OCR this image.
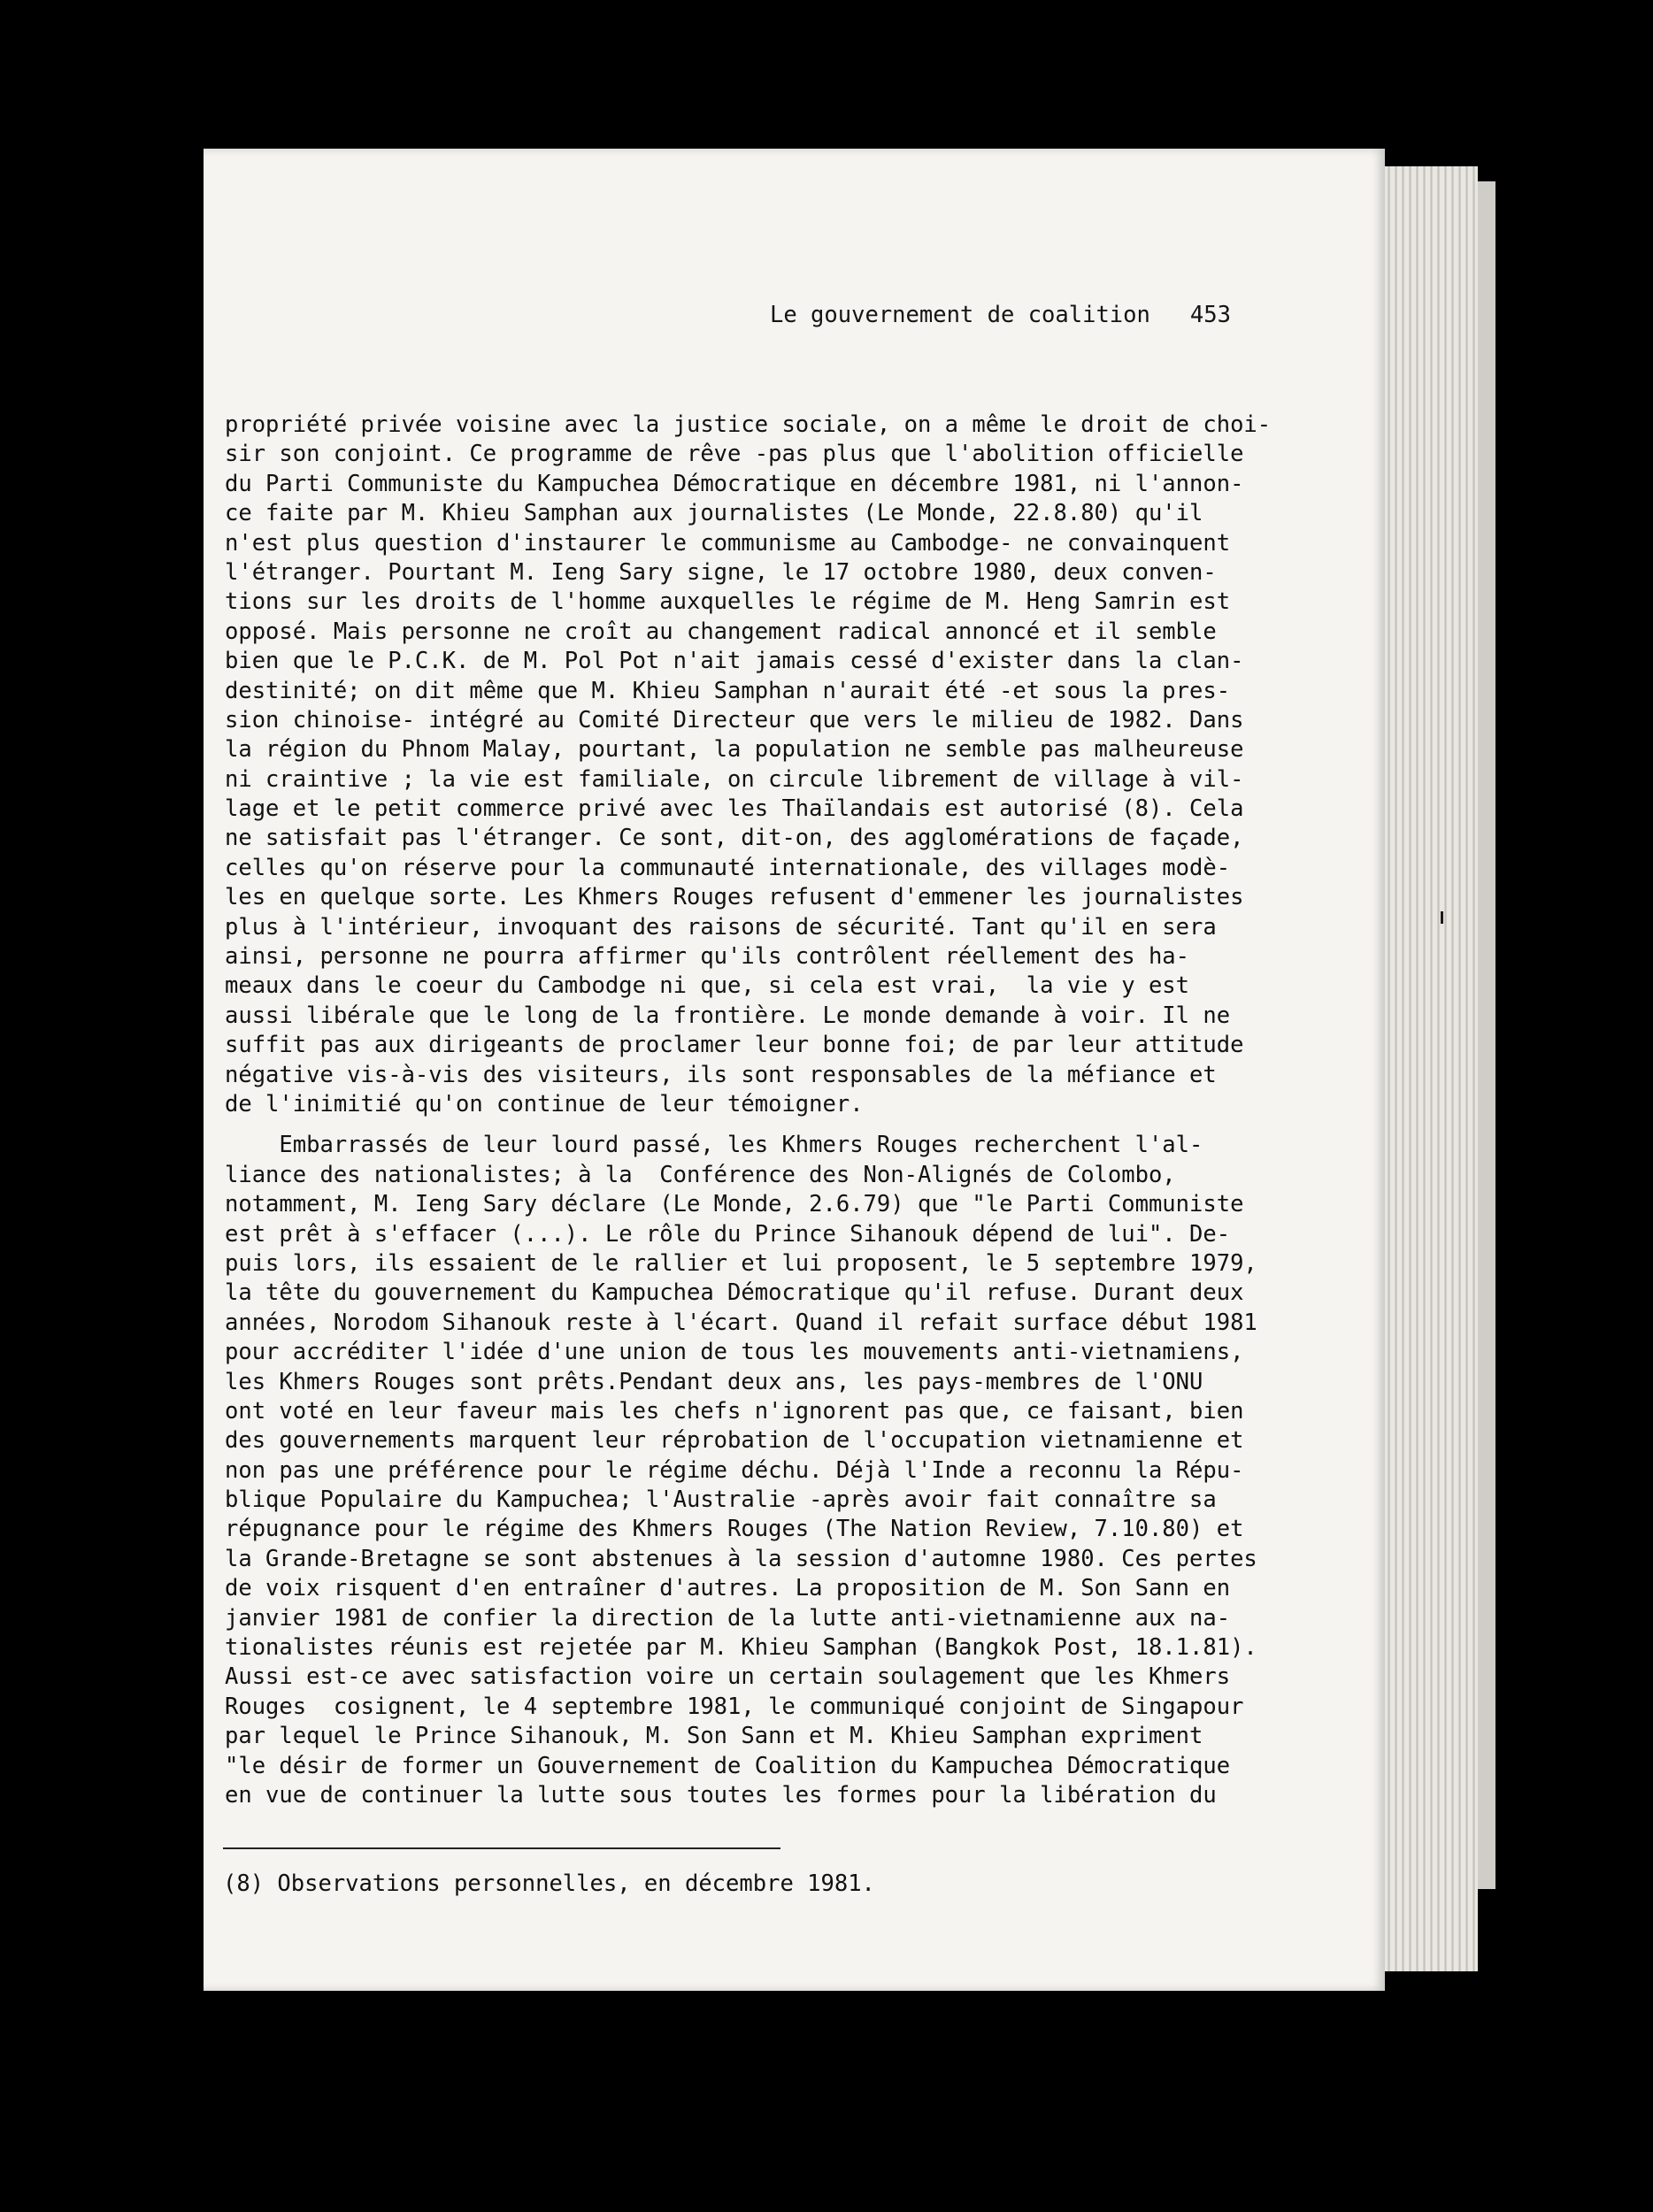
Le gouvernement de coalition 453
propriété privée voisine avec la justice sociale, on a même le droit de choi-
sir son conjoint. Ce programme de rêve -pas plus que l'abolition officielle
du Parti Communiste du Kampuchea Démocratique en décembre 1981, ni l'annon-
ce faite par M. Khieu Samphan aux journalistes (Le Monde, 22.8.80) qu'il
n'est plus question d'instaurer le communisme au Cambodge- ne convainquent
l'étranger. Pourtant M. Ieng Sary signe, le 17 octobre 1980, deux conven-
tions sur les droits de l'homme auxquelles le régime de M. Heng Samrin est
opposé. Mais personne ne croît au changement radical annoncé et il semble
bien que le P.C.K. de M. Pol Pot n'ait jamais cessé d'exister dans la clan-
destinité; on dit même que M. Khieu Samphan n'aurait été -et sous la pres-
sion chinoise- intégré au Comité Directeur que vers le milieu de 1982. Dans
la région du Phnom Malay, pourtant, la population ne semble pas malheureuse
ni craintive ; la vie est familiale, on circule librement de village à vil-
lage et le petit commerce privé avec les Thaïlandais est autorisé (8). Cela
ne satisfait pas l'étranger. Ce sont, dit-on, des agglomérations de façade,
celles qu'on réserve pour la communauté internationale, des villages modè-
les en quelque sorte. Les Khmers Rouges refusent d'emmener les journalistes
plus à l'intérieur, invoquant des raisons de sécurité. Tant qu'il en sera
ainsi, personne ne pourra affirmer qu'ils contrôlent réellement des ha-
meaux dans le coeur du Cambodge ni que, si cela est vrai,  la vie y est
aussi libérale que le long de la frontière. Le monde demande à voir. Il ne
suffit pas aux dirigeants de proclamer leur bonne foi; de par leur attitude
négative vis-à-vis des visiteurs, ils sont responsables de la méfiance et
de l'inimitié qu'on continue de leur témoigner.
Embarrassés de leur lourd passé, les Khmers Rouges recherchent l'al-
liance des nationalistes; à la  Conférence des Non-Alignés de Colombo,
notamment, M. Ieng Sary déclare (Le Monde, 2.6.79) que "le Parti Communiste
est prêt à s'effacer (...). Le rôle du Prince Sihanouk dépend de lui". De-
puis lors, ils essaient de le rallier et lui proposent, le 5 septembre 1979,
la tête du gouvernement du Kampuchea Démocratique qu'il refuse. Durant deux
années, Norodom Sihanouk reste à l'écart. Quand il refait surface début 1981
pour accréditer l'idée d'une union de tous les mouvements anti-vietnamiens,
les Khmers Rouges sont prêts.Pendant deux ans, les pays-membres de l'ONU
ont voté en leur faveur mais les chefs n'ignorent pas que, ce faisant, bien
des gouvernements marquent leur réprobation de l'occupation vietnamienne et
non pas une préférence pour le régime déchu. Déjà l'Inde a reconnu la Répu-
blique Populaire du Kampuchea; l'Australie -après avoir fait connaître sa
répugnance pour le régime des Khmers Rouges (The Nation Review, 7.10.80) et
la Grande-Bretagne se sont abstenues à la session d'automne 1980. Ces pertes
de voix risquent d'en entraîner d'autres. La proposition de M. Son Sann en
janvier 1981 de confier la direction de la lutte anti-vietnamienne aux na-
tionalistes réunis est rejetée par M. Khieu Samphan (Bangkok Post, 18.1.81).
Aussi est-ce avec satisfaction voire un certain soulagement que les Khmers
Rouges  cosignent, le 4 septembre 1981, le communiqué conjoint de Singapour
par lequel le Prince Sihanouk, M. Son Sann et M. Khieu Samphan expriment
"le désir de former un Gouvernement de Coalition du Kampuchea Démocratique
en vue de continuer la lutte sous toutes les formes pour la libération du
(8) Observations personnelles, en décembre 1981.
